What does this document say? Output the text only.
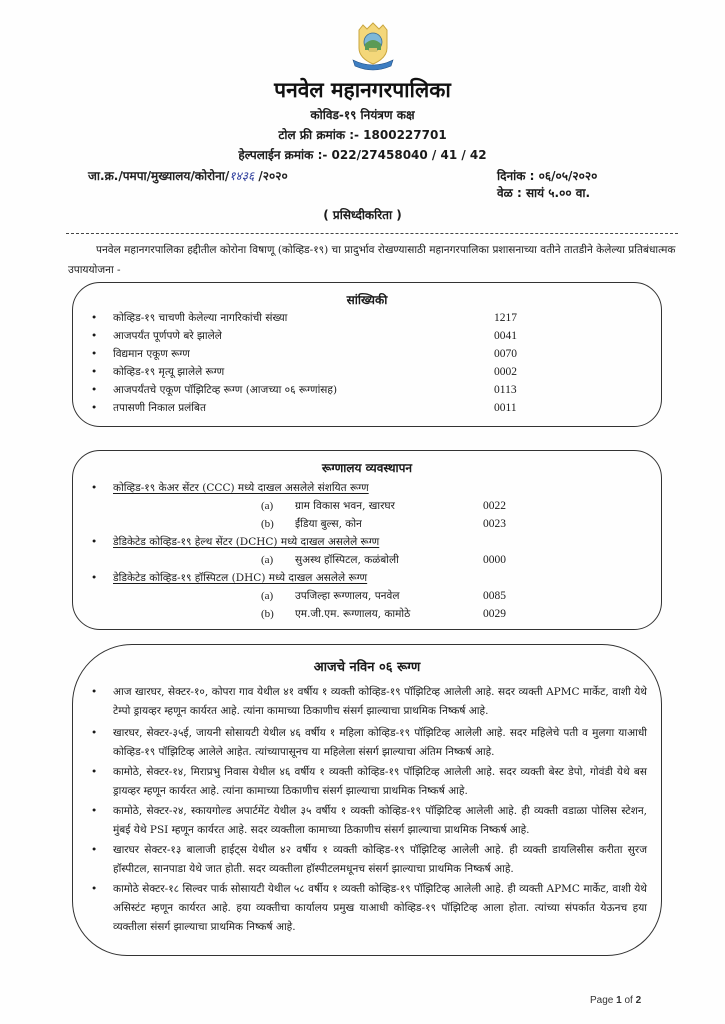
पनवेल महानगरपालिका
कोविड-१९ नियंत्रण कक्ष
टोल फ्री क्रमांक :- 1800227701
हेल्पलाईन क्रमांक :- 022/27458040 / 41 / 42
जा.क्र./पमपा/मुख्यालय/कोरोना/१४३६ /२०२०	दिनांक : ०६/०५/२०२०
वेळ : सायं ५.०० वा.
( प्रसिध्दीकरिता )
पनवेल महानगरपालिका हद्दीतील कोरोना विषाणू (कोव्हिड-१९) चा प्रादुर्भाव रोखण्यासाठी महानगरपालिका प्रशासनाच्या वतीने तातडीने केलेल्या प्रतिबंधात्मक उपाययोजना -
सांख्यिकी
• कोव्हिड-१९ चाचणी केलेल्या नागरिकांची संख्या	1217
• आजपर्यंत पूर्णपणे बरे झालेले	0041
• विद्यमान एकूण रूग्ण	0070
• कोव्हिड-१९ मृत्यू झालेले रूग्ण	0002
• आजपर्यंतचे एकूण पॉझिटिव्ह रूग्ण (आजच्या ०६ रूग्णांसह)	0113
• तपासणी निकाल प्रलंबित	0011
रूग्णालय व्यवस्थापन
• कोव्हिड-१९ केअर सेंटर (CCC) मध्ये दाखल असलेले संशयित रूग्ण
(a) ग्राम विकास भवन, खारघर	0022
(b) ईंडिया बुल्स, कोन	0023
• डेडिकेटेड कोव्हिड-१९ हेल्थ सेंटर (DCHC) मध्ये दाखल असलेले रूग्ण
(a) सुअस्थ हॉस्पिटल, कळंबोली	0000
• डेडिकेटेड कोव्हिड-१९ हॉस्पिटल (DHC) मध्ये दाखल असलेले रूग्ण
(a) उपजिल्हा रूग्णालय, पनवेल	0085
(b) एम.जी.एम. रूग्णालय, कामोठे	0029
आजचे नविन ०६ रूग्ण
• आज खारघर, सेक्टर-१०, कोपरा गाव येथील ४१ वर्षीय १ व्यक्ती कोव्हिड-१९ पॉझिटिव्ह आलेली आहे. सदर व्यक्ती APMC मार्केट, वाशी येथे टेम्पो ड्रायव्हर म्हणून कार्यरत आहे. त्यांना कामाच्या ठिकाणीच संसर्ग झाल्याचा प्राथमिक निष्कर्ष आहे.
• खारघर, सेक्टर-३५ई, जायनी सोसायटी येथील ४६ वर्षीय १ महिला कोव्हिड-१९ पॉझिटिव्ह आलेली आहे. सदर महिलेचे पती व मुलगा याआधी कोव्हिड-१९ पॉझिटिव्ह आलेले आहेत. त्यांच्यापासूनच या महिलेला संसर्ग झाल्याचा अंतिम निष्कर्ष आहे.
• कामोठे, सेक्टर-१४, मिराप्रभु निवास येथील ४६ वर्षीय १ व्यक्ती कोव्हिड-१९ पॉझिटिव्ह आलेली आहे. सदर व्यक्ती बेस्ट डेपो, गोवंडी येथे बस ड्रायव्हर म्हणून कार्यरत आहे. त्यांना कामाच्या ठिकाणीच संसर्ग झाल्याचा प्राथमिक निष्कर्ष आहे.
• कामोठे, सेक्टर-२४, स्कायगोल्ड अपार्टमेंट येथील ३५ वर्षीय १ व्यक्ती कोव्हिड-१९ पॉझिटिव्ह आलेली आहे. ही व्यक्ती वडाळा पोलिस स्टेशन, मुंबई येथे PSI म्हणून कार्यरत आहे. सदर व्यक्तीला कामाच्या ठिकाणीच संसर्ग झाल्याचा प्राथमिक निष्कर्ष आहे.
• खारघर सेक्टर-१३ बालाजी हाईट्स येथील ४२ वर्षीय १ व्यक्ती कोव्हिड-१९ पॉझिटिव्ह आलेली आहे. ही व्यक्ती डायलिसीस करीता सुरज हॉस्पीटल, सानपाडा येथे जात होती. सदर व्यक्तीला हॉस्पीटलमधूनच संसर्ग झाल्याचा प्राथमिक निष्कर्ष आहे.
• कामोठे सेक्टर-१८ सिल्वर पार्क सोसायटी येथील ५८ वर्षीय १ व्यक्ती कोव्हिड-१९ पॉझिटिव्ह आलेली आहे. ही व्यक्ती APMC मार्केट, वाशी येथे असिस्टंट म्हणून कार्यरत आहे. हया व्यक्तीचा कार्यालय प्रमुख याआधी कोव्हिड-१९ पॉझिटिव्ह आला होता. त्यांच्या संपर्कात येऊनच हया व्यक्तीला संसर्ग झाल्याचा प्राथमिक निष्कर्ष आहे.
Page 1 of 2
